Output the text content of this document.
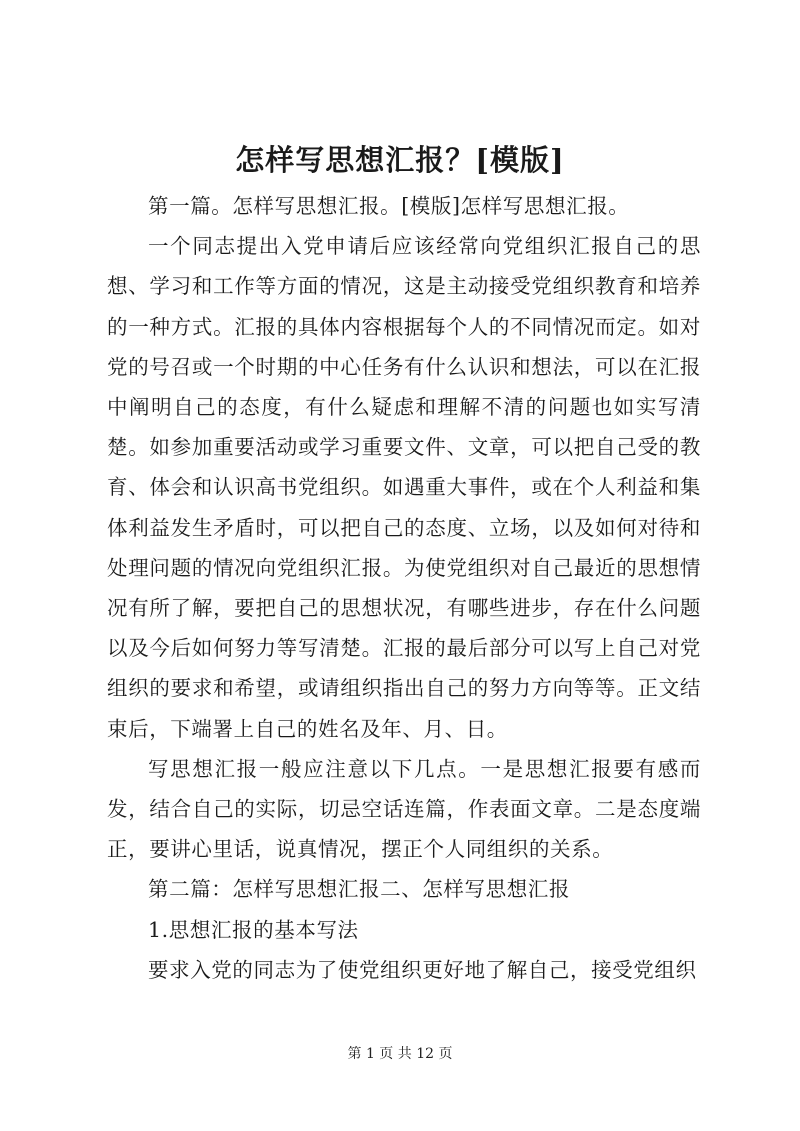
怎样写思想汇报？[模版]

第一篇。怎样写思想汇报。[模版]怎样写思想汇报。

一个同志提出入党申请后应该经常向党组织汇报自己的思想、学习和工作等方面的情况，这是主动接受党组织教育和培养的一种方式。汇报的具体内容根据每个人的不同情况而定。如对党的号召或一个时期的中心任务有什么认识和想法，可以在汇报中阐明自己的态度，有什么疑虑和理解不清的问题也如实写清楚。如参加重要活动或学习重要文件、文章，可以把自己受的教育、体会和认识高书党组织。如遇重大事件，或在个人利益和集体利益发生矛盾时，可以把自己的态度、立场，以及如何对待和处理问题的情况向党组织汇报。为使党组织对自己最近的思想情况有所了解，要把自己的思想状况，有哪些进步，存在什么问题以及今后如何努力等写清楚。汇报的最后部分可以写上自己对党组织的要求和希望，或请组织指出自己的努力方向等等。正文结束后，下端署上自己的姓名及年、月、日。

写思想汇报一般应注意以下几点。一是思想汇报要有感而发，结合自己的实际，切忌空话连篇，作表面文章。二是态度端正，要讲心里话，说真情况，摆正个人同组织的关系。

第二篇：怎样写思想汇报二、怎样写思想汇报

1.思想汇报的基本写法

要求入党的同志为了使党组织更好地了解自己，接受党组织

第 1 页 共 12 页
